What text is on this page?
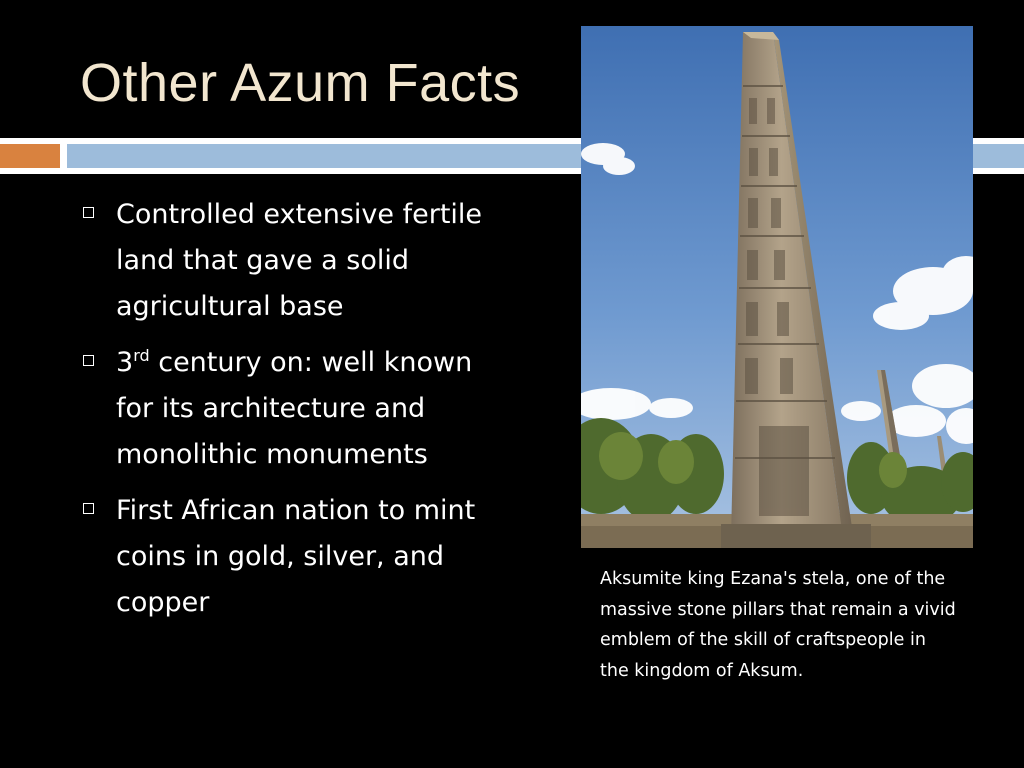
Other Azum Facts
Controlled extensive fertile land that gave a solid agricultural base
3rd century on: well known for its architecture and monolithic monuments
First African nation to mint coins in gold, silver, and copper
Aksumite king Ezana's stela, one of the massive stone pillars that remain a vivid emblem of the skill of craftspeople in the kingdom of Aksum.
